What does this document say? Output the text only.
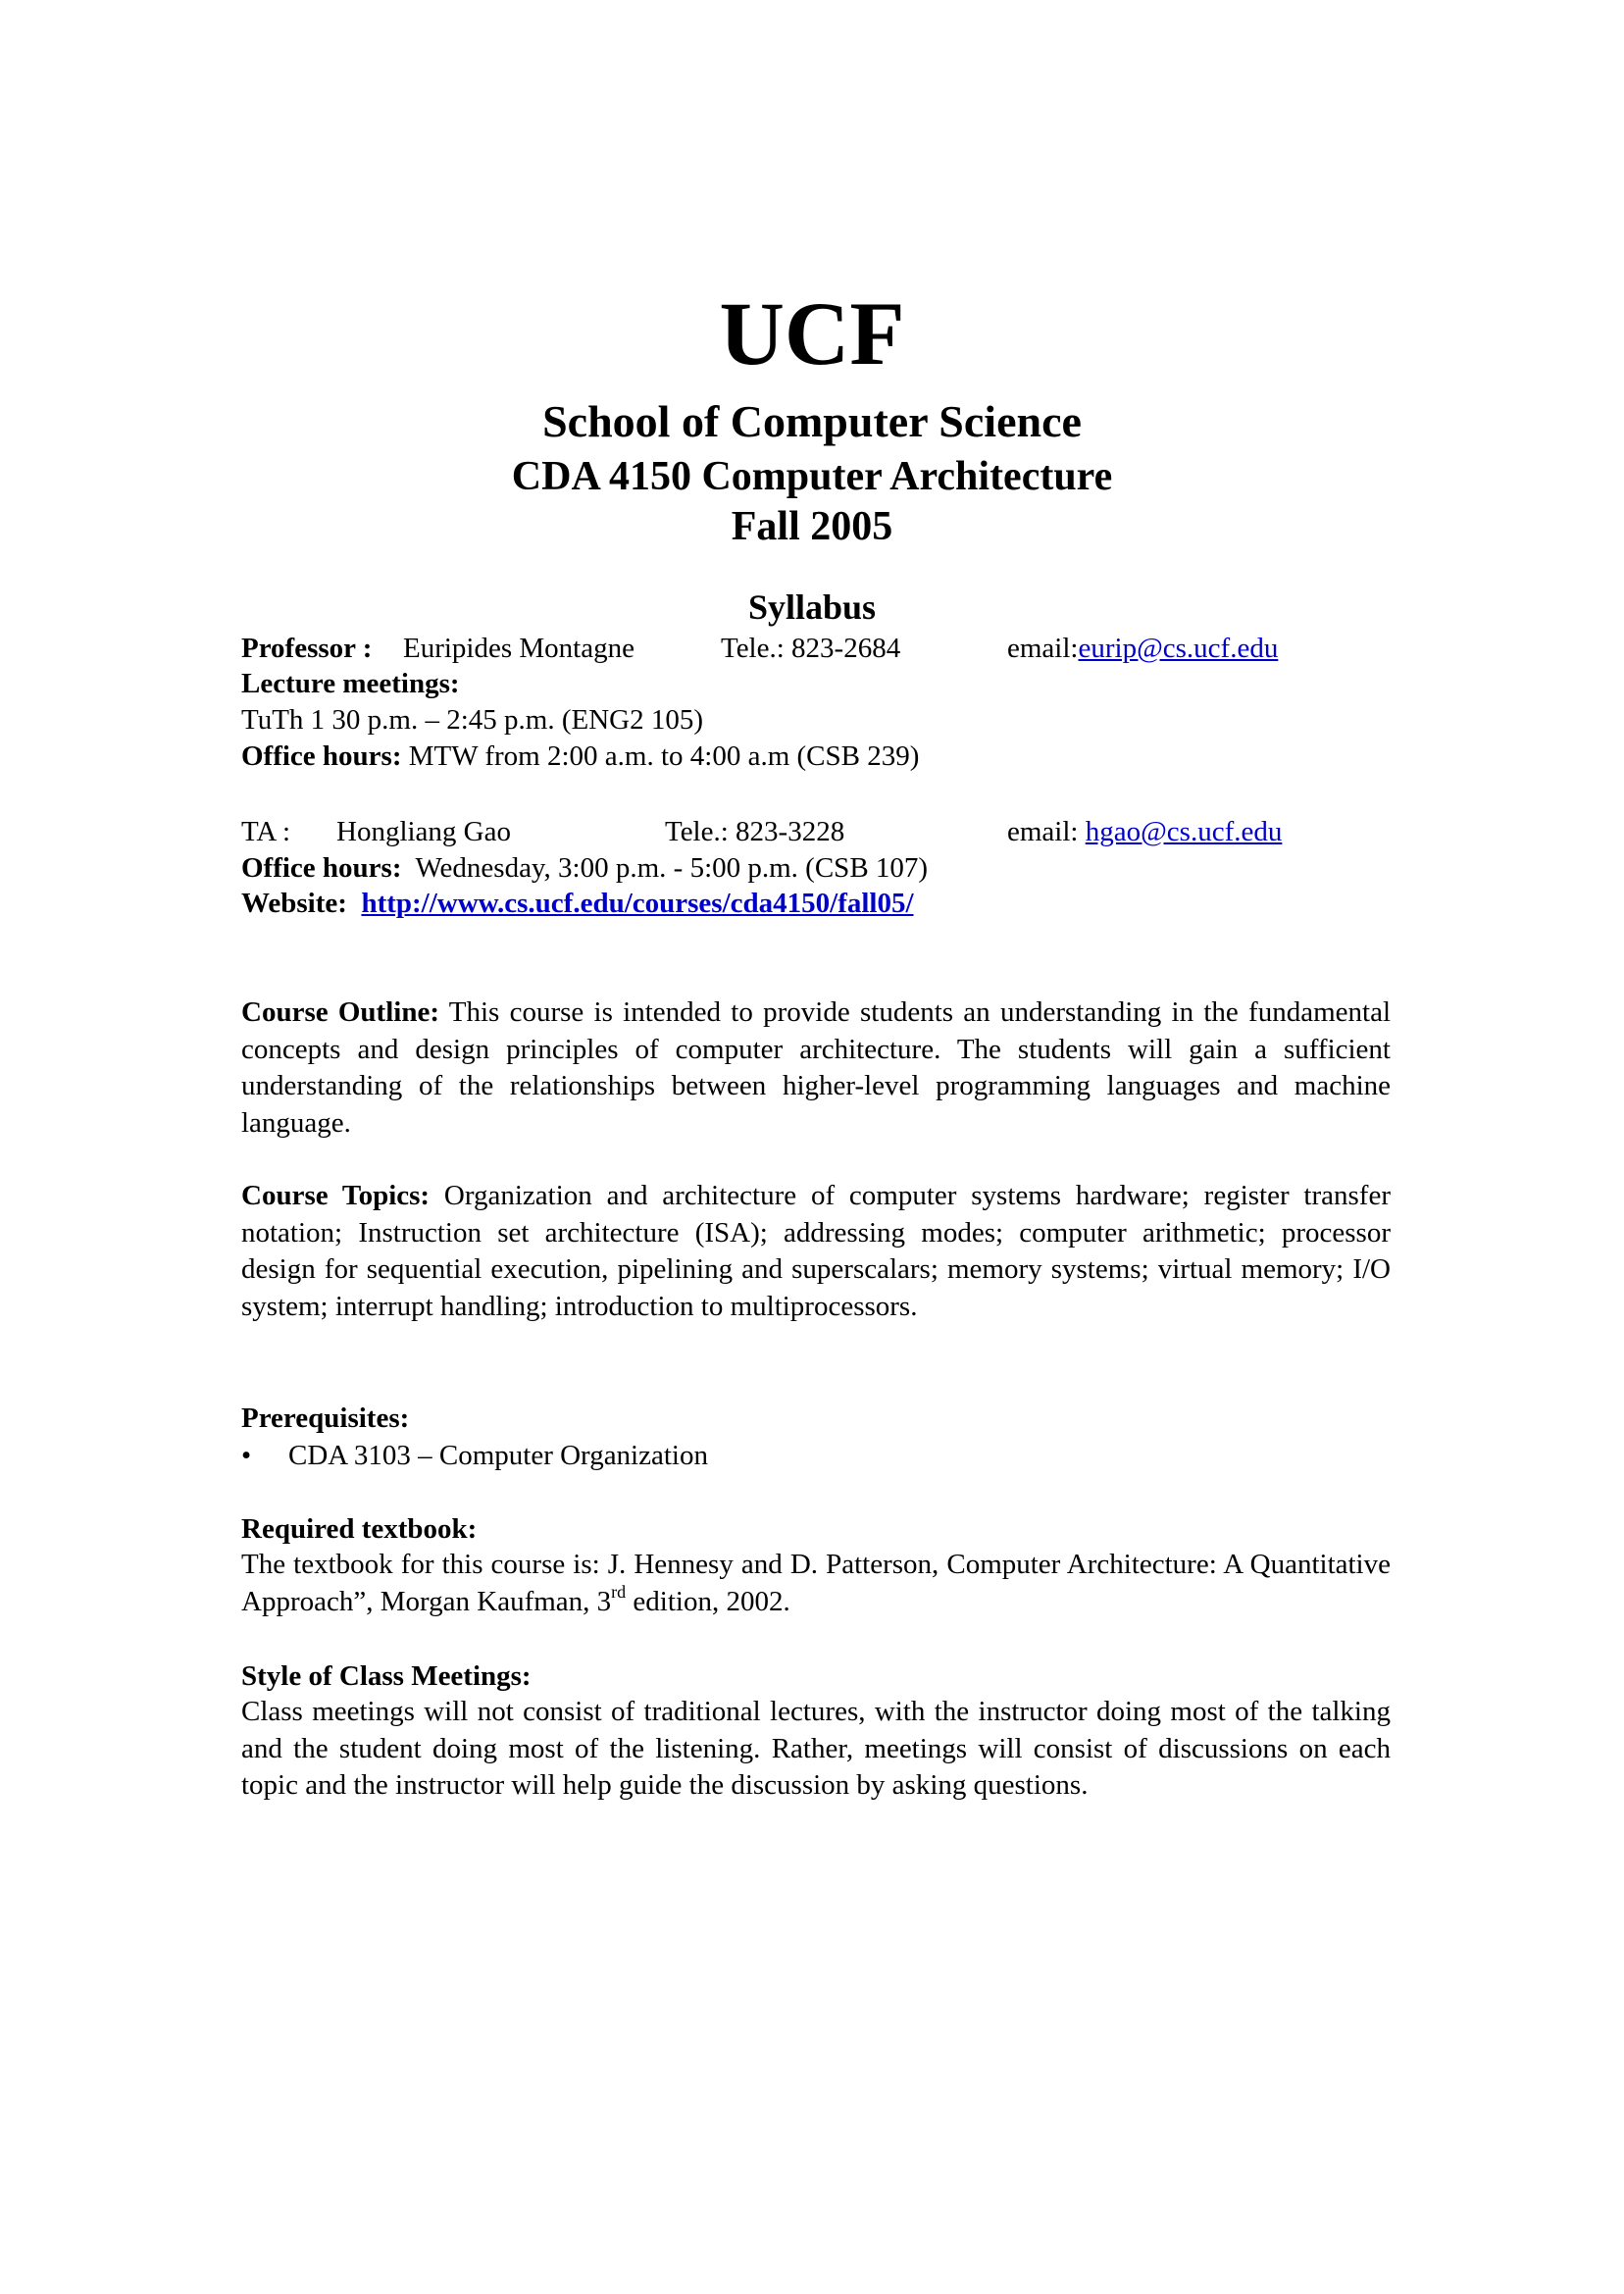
UCF
School of Computer Science
CDA 4150 Computer Architecture
Fall 2005
Syllabus
Professor : Euripides Montagne	Tele.: 823-2684	email:eurip@cs.ucf.edu
Lecture meetings:
TuTh 1 30 p.m. – 2:45 p.m. (ENG2 105)
Office hours: MTW from 2:00 a.m. to 4:00 a.m (CSB 239)
TA : Hongliang Gao	Tele.: 823-3228	email: hgao@cs.ucf.edu
Office hours: Wednesday, 3:00 p.m. - 5:00 p.m. (CSB 107)
Website: http://www.cs.ucf.edu/courses/cda4150/fall05/
Course Outline: This course is intended to provide students an understanding in the fundamental concepts and design principles of computer architecture. The students will gain a sufficient understanding of the relationships between higher-level programming languages and machine language.
Course Topics: Organization and architecture of computer systems hardware; register transfer notation; Instruction set architecture (ISA); addressing modes; computer arithmetic; processor design for sequential execution, pipelining and superscalars; memory systems; virtual memory; I/O system; interrupt handling; introduction to multiprocessors.
Prerequisites:
• CDA 3103 – Computer Organization
Required textbook:
The textbook for this course is: J. Hennesy and D. Patterson, Computer Architecture: A Quantitative Approach”, Morgan Kaufman, 3rd edition, 2002.
Style of Class Meetings:
Class meetings will not consist of traditional lectures, with the instructor doing most of the talking and the student doing most of the listening. Rather, meetings will consist of discussions on each topic and the instructor will help guide the discussion by asking questions.
